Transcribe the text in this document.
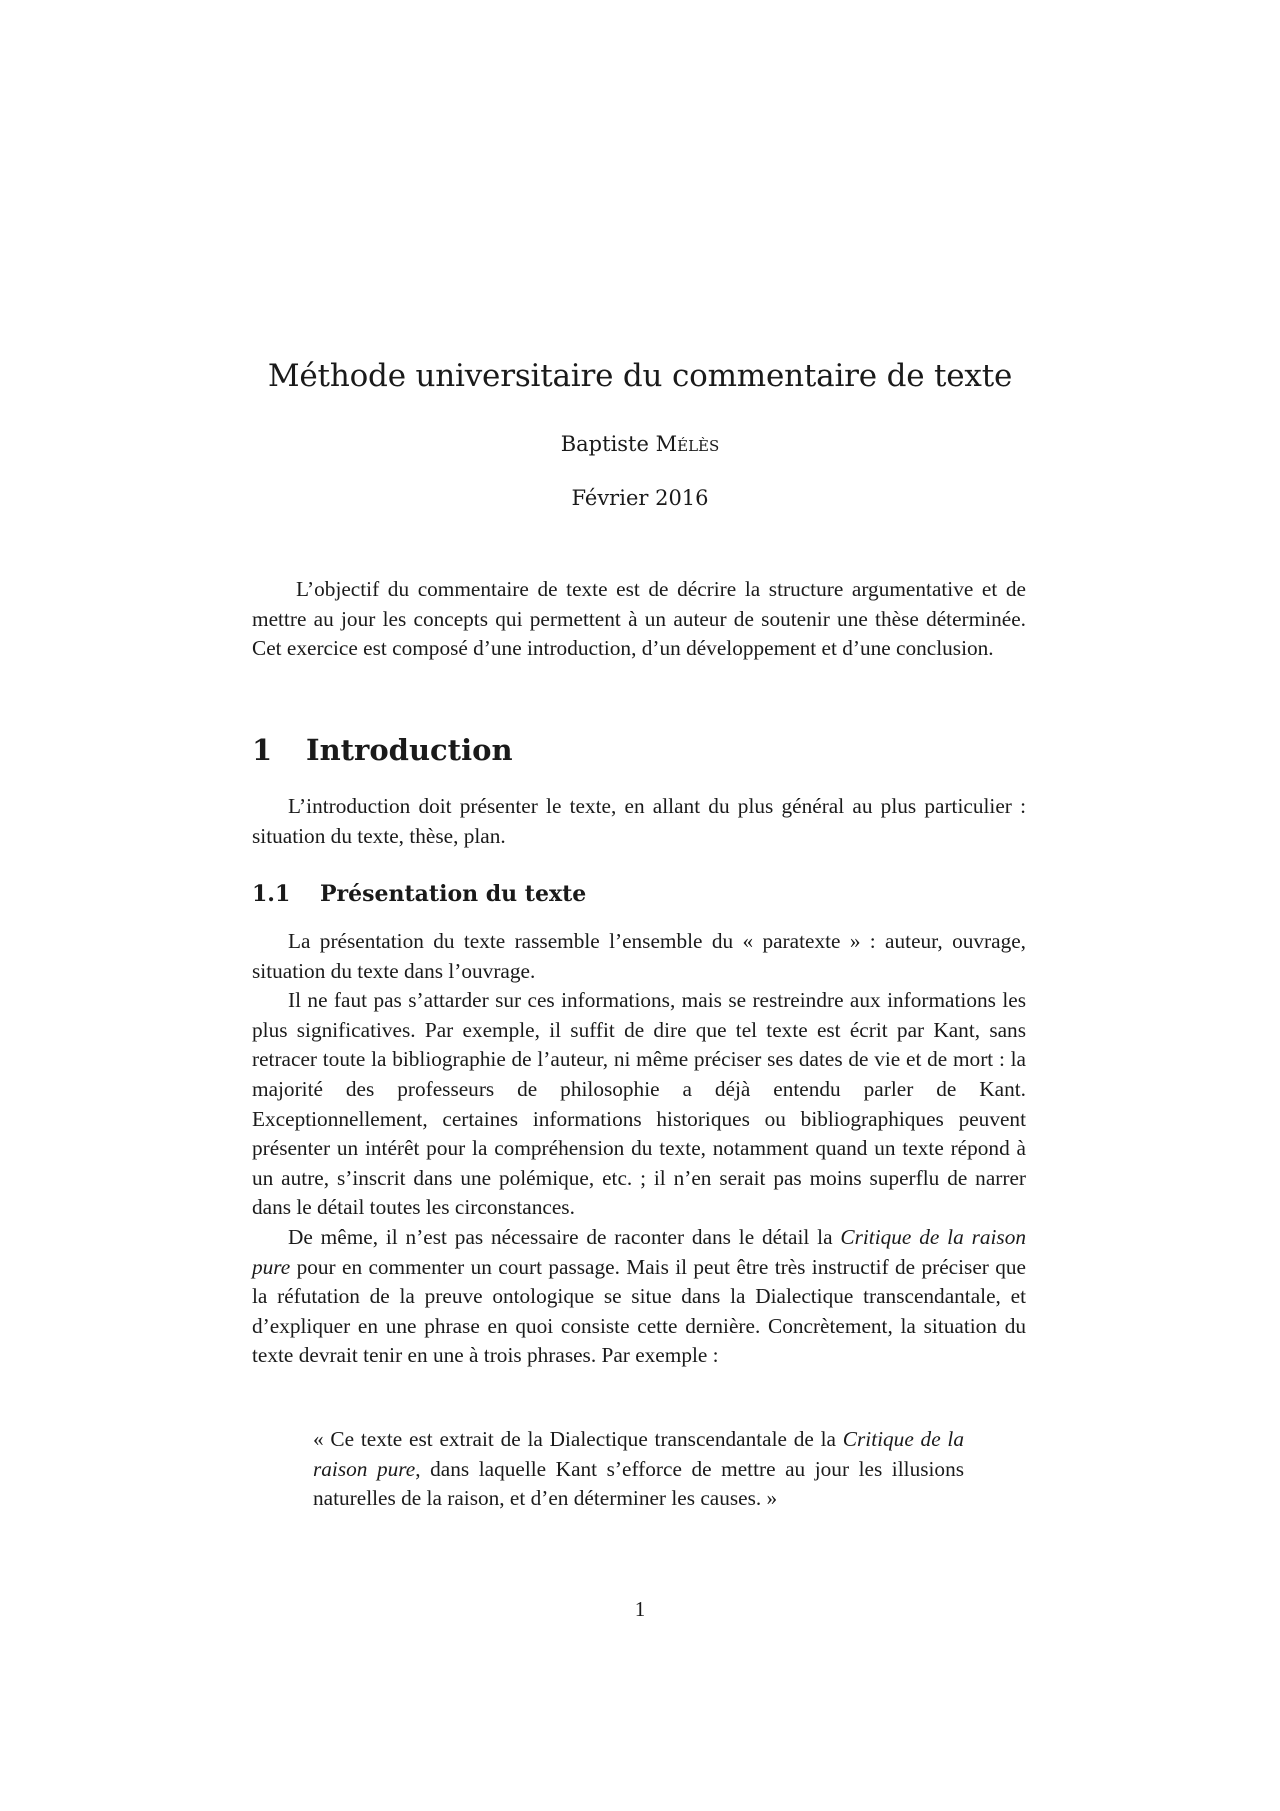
Méthode universitaire du commentaire de texte

Baptiste Mélès

Février 2016

L’objectif du commentaire de texte est de décrire la structure argumentative et de mettre au jour les concepts qui permettent à un auteur de soutenir une thèse déterminée. Cet exercice est composé d’une introduction, d’un développement et d’une conclusion.

1 Introduction

L’introduction doit présenter le texte, en allant du plus général au plus particulier : situation du texte, thèse, plan.

1.1 Présentation du texte

La présentation du texte rassemble l’ensemble du « paratexte » : auteur, ouvrage, situation du texte dans l’ouvrage.

Il ne faut pas s’attarder sur ces informations, mais se restreindre aux informations les plus significatives. Par exemple, il suffit de dire que tel texte est écrit par Kant, sans retracer toute la bibliographie de l’auteur, ni même préciser ses dates de vie et de mort : la majorité des professeurs de philosophie a déjà entendu parler de Kant. Exceptionnellement, certaines informations historiques ou bibliographiques peuvent présenter un intérêt pour la compréhension du texte, notamment quand un texte répond à un autre, s’inscrit dans une polémique, etc. ; il n’en serait pas moins superflu de narrer dans le détail toutes les circonstances.

De même, il n’est pas nécessaire de raconter dans le détail la Critique de la raison pure pour en commenter un court passage. Mais il peut être très instructif de préciser que la réfutation de la preuve ontologique se situe dans la Dialectique transcendantale, et d’expliquer en une phrase en quoi consiste cette dernière. Concrètement, la situation du texte devrait tenir en une à trois phrases. Par exemple :

« Ce texte est extrait de la Dialectique transcendantale de la Critique de la raison pure, dans laquelle Kant s’efforce de mettre au jour les illusions naturelles de la raison, et d’en déterminer les causes. »

1
